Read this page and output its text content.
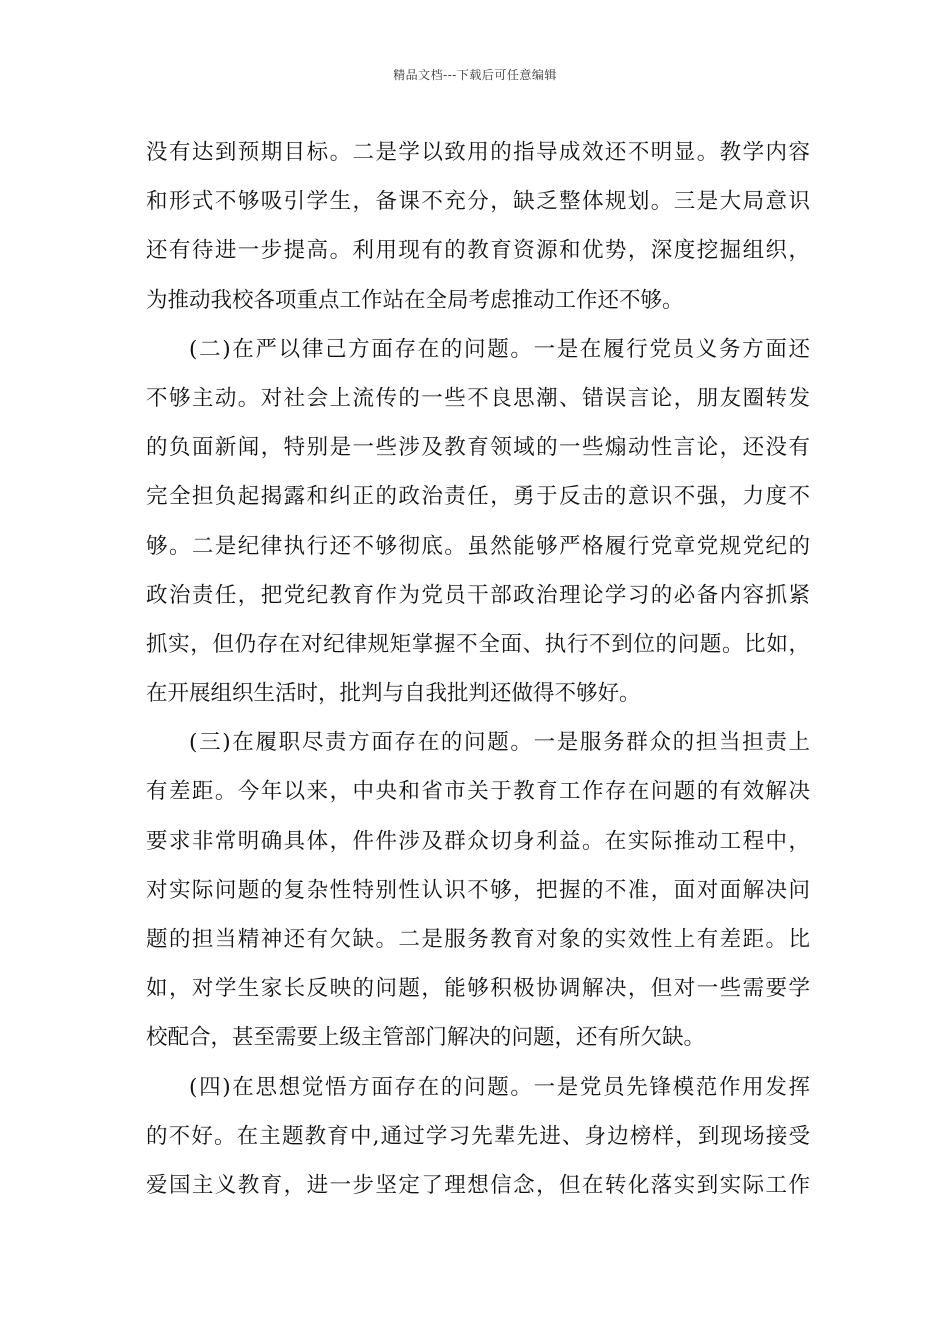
精品文档---下载后可任意编辑
没有达到预期目标。二是学以致用的指导成效还不明显。教学内容
和形式不够吸引学生，备课不充分，缺乏整体规划。三是大局意识
还有待进一步提高。利用现有的教育资源和优势，深度挖掘组织，
为推动我校各项重点工作站在全局考虑推动工作还不够。
(二)在严以律己方面存在的问题。一是在履行党员义务方面还
不够主动。对社会上流传的一些不良思潮、错误言论，朋友圈转发
的负面新闻，特别是一些涉及教育领域的一些煽动性言论，还没有
完全担负起揭露和纠正的政治责任，勇于反击的意识不强，力度不
够。二是纪律执行还不够彻底。虽然能够严格履行党章党规党纪的
政治责任，把党纪教育作为党员干部政治理论学习的必备内容抓紧
抓实，但仍存在对纪律规矩掌握不全面、执行不到位的问题。比如，
在开展组织生活时，批判与自我批判还做得不够好。
(三)在履职尽责方面存在的问题。一是服务群众的担当担责上
有差距。今年以来，中央和省市关于教育工作存在问题的有效解决
要求非常明确具体，件件涉及群众切身利益。在实际推动工程中，
对实际问题的复杂性特别性认识不够，把握的不准，面对面解决问
题的担当精神还有欠缺。二是服务教育对象的实效性上有差距。比
如，对学生家长反映的问题，能够积极协调解决，但对一些需要学
校配合，甚至需要上级主管部门解决的问题，还有所欠缺。
(四)在思想觉悟方面存在的问题。一是党员先锋模范作用发挥
的不好。在主题教育中,通过学习先辈先进、身边榜样，到现场接受
爱国主义教育，进一步坚定了理想信念，但在转化落实到实际工作
